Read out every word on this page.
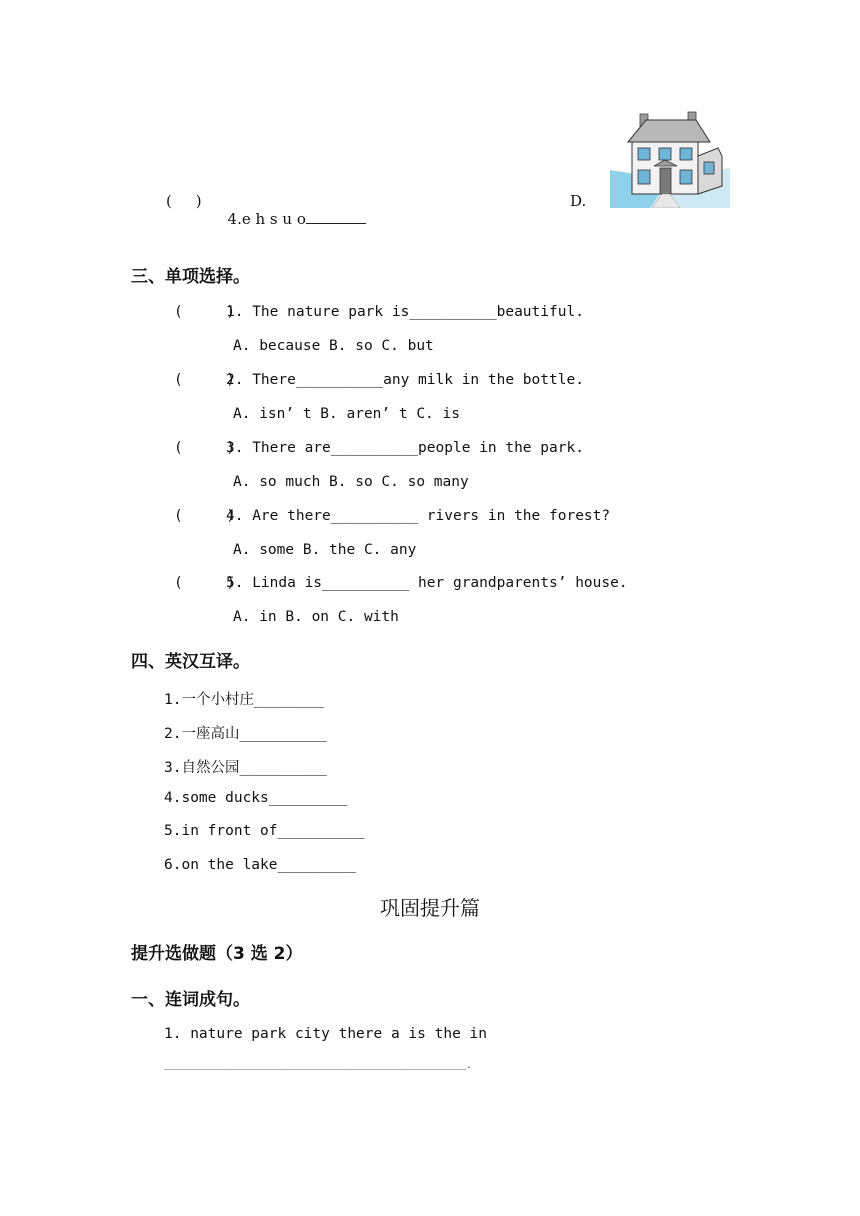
(     )

4.e h s u o

D.
三、单项选择。
(     )
1. The nature park is__________beautiful.
A. because B. so C. but
(     )
2. There__________any milk in the bottle.
A. isn’ t B. aren’ t C. is
(     )
3. There are__________people in the park.
A. so much B. so C. so many
(     )
4. Are there__________ rivers in the forest?
A. some B. the C. any
(     )
5. Linda is__________ her grandparents’ house.
A. in B. on C. with
四、英汉互译。
1.一个小村庄________
2.一座高山__________
3.自然公园__________
4.some ducks_________
5.in front of__________
6.on the lake_________
巩固提升篇
提升选做题（3 选 2）
一、连词成句。
1. nature park city there a is the in
____________________________________________________________.
